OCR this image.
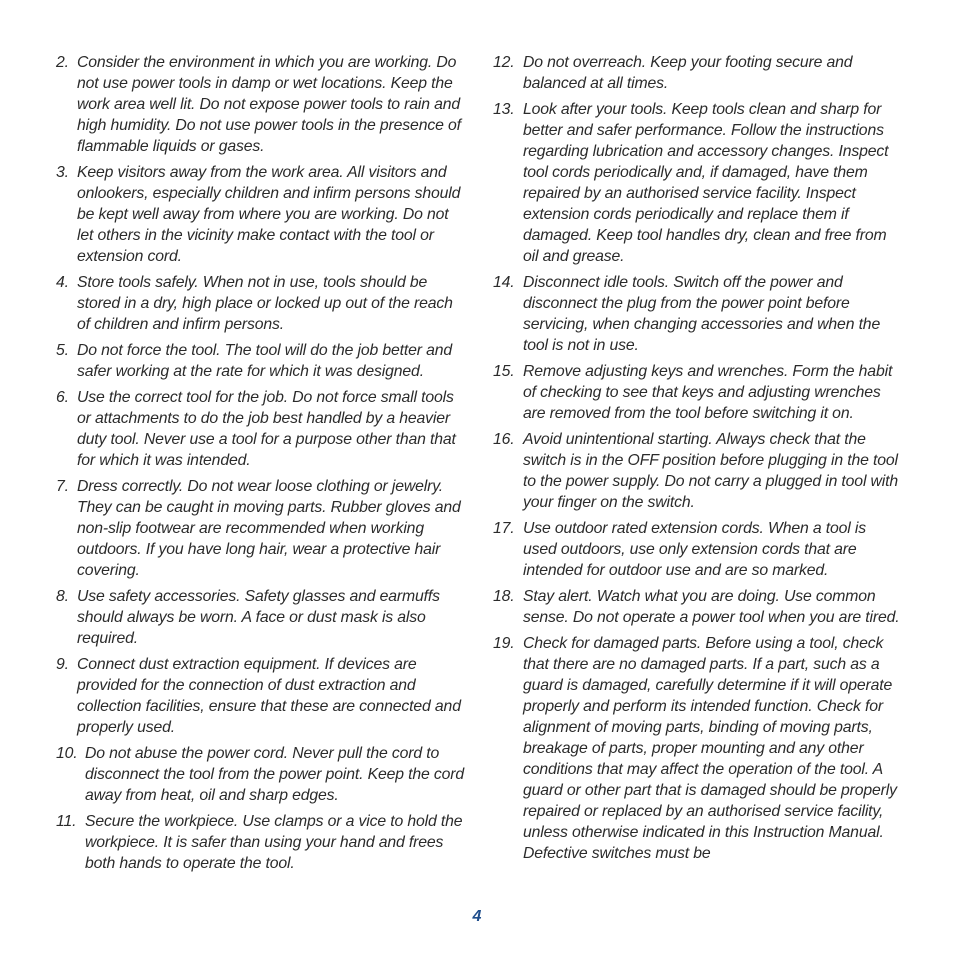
2. Consider the environment in which you are working. Do not use power tools in damp or wet locations. Keep the work area well lit. Do not expose power tools to rain and high humidity. Do not use power tools in the presence of flammable liquids or gases.
3. Keep visitors away from the work area. All visitors and onlookers, especially children and infirm persons should be kept well away from where you are working. Do not let others in the vicinity make contact with the tool or extension cord.
4. Store tools safely. When not in use, tools should be stored in a dry, high place or locked up out of the reach of children and infirm persons.
5. Do not force the tool. The tool will do the job better and safer working at the rate for which it was designed.
6. Use the correct tool for the job. Do not force small tools or attachments to do the job best handled by a heavier duty tool. Never use a tool for a purpose other than that for which it was intended.
7. Dress correctly. Do not wear loose clothing or jewelry. They can be caught in moving parts. Rubber gloves and non-slip footwear are recommended when working outdoors. If you have long hair, wear a protective hair covering.
8. Use safety accessories. Safety glasses and earmuffs should always be worn. A face or dust mask is also required.
9. Connect dust extraction equipment. If devices are provided for the connection of dust extraction and collection facilities, ensure that these are connected and properly used.
10. Do not abuse the power cord. Never pull the cord to disconnect the tool from the power point. Keep the cord away from heat, oil and sharp edges.
11. Secure the workpiece. Use clamps or a vice to hold the workpiece. It is safer than using your hand and frees both hands to operate the tool.
12. Do not overreach. Keep your footing secure and balanced at all times.
13. Look after your tools. Keep tools clean and sharp for better and safer performance. Follow the instructions regarding lubrication and accessory changes. Inspect tool cords periodically and, if damaged, have them repaired by an authorised service facility. Inspect extension cords periodically and replace them if damaged. Keep tool handles dry, clean and free from oil and grease.
14. Disconnect idle tools. Switch off the power and disconnect the plug from the power point before servicing, when changing accessories and when the tool is not in use.
15. Remove adjusting keys and wrenches. Form the habit of checking to see that keys and adjusting wrenches are removed from the tool before switching it on.
16. Avoid unintentional starting. Always check that the switch is in the OFF position before plugging in the tool to the power supply. Do not carry a plugged in tool with your finger on the switch.
17. Use outdoor rated extension cords. When a tool is used outdoors, use only extension cords that are intended for outdoor use and are so marked.
18. Stay alert. Watch what you are doing. Use common sense. Do not operate a power tool when you are tired.
19. Check for damaged parts. Before using a tool, check that there are no damaged parts. If a part, such as a guard is damaged, carefully determine if it will operate properly and perform its intended function. Check for alignment of moving parts, binding of moving parts, breakage of parts, proper mounting and any other conditions that may affect the operation of the tool. A guard or other part that is damaged should be properly repaired or replaced by an authorised service facility, unless otherwise indicated in this Instruction Manual. Defective switches must be
4
